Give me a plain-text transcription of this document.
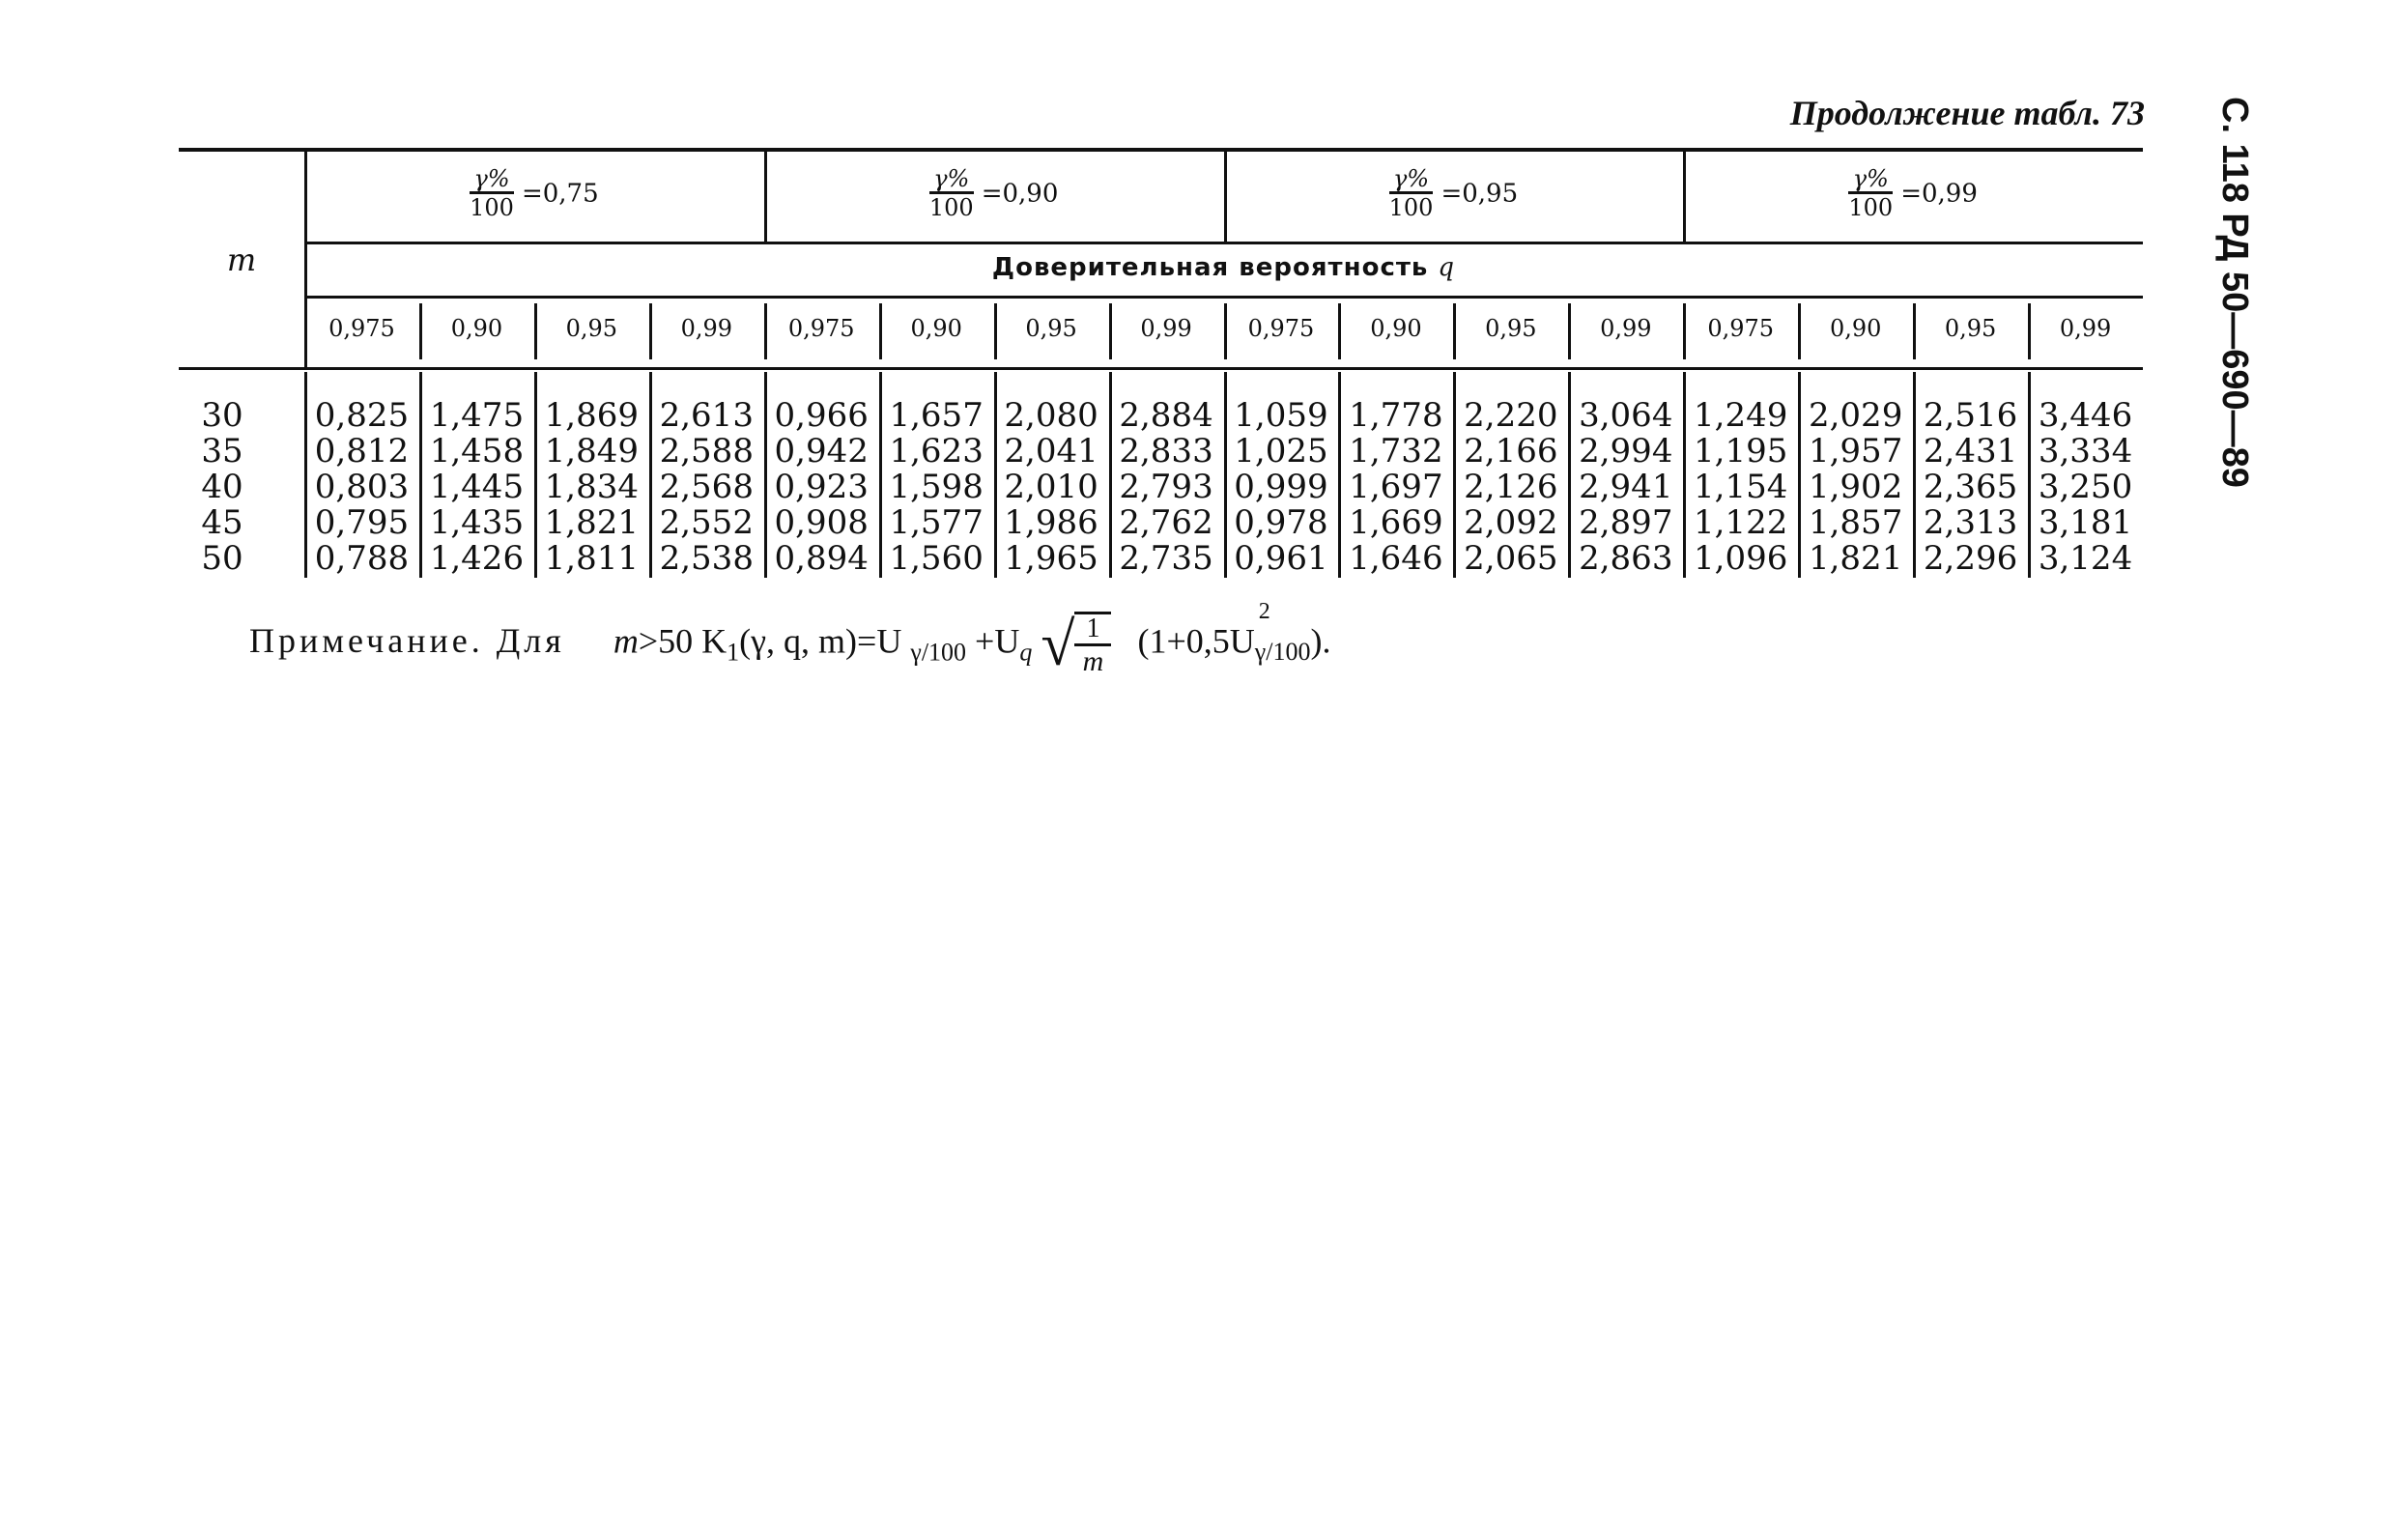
Продолжение табл. 73	С. 118 РД 50—690—89
m
$\frac{\gamma\%}{100} =0,75$	$\frac{\gamma\%}{100} =0,90$	$\frac{\gamma\%}{100} =0,95$	$\frac{\gamma\%}{100} =0,99$
Доверительная вероятность q
0,975	0,90	0,95	0,99	0,975	0,90	0,95	0,99	0,975	0,90	0,95	0,99	0,975	0,90	0,95	0,99
30	0,825 1,475 1,869 2,613 0,966 1,657 2,080 2,884 1,059 1,778 2,220 3,064 1,249 2,029 2,516 3,446
35	0,812 1,458 1,849 2,588 0,942 1,623 2,041 2,833 1,025 1,732 2,166 2,994 1,195 1,957 2,431 3,334
40	0,803 1,445 1,834 2,568 0,923 1,598 2,010 2,793 0,999 1,697 2,126 2,941 1,154 1,902 2,365 3,250
45	0,795 1,435 1,821 2,552 0,908 1,577 1,986 2,762 0,978 1,669 2,092 2,897 1,122 1,857 2,313 3,181
50	0,788 1,426 1,811 2,538 0,894 1,560 1,965 2,735 0,961 1,646 2,065 2,863 1,096 1,821 2,296 3,124
Примечание. Для m>50 $K_1(\gamma$, q, m)=U $_{\gamma/100} +U_q$ √ $\frac{1}{m} (1+0,5U$
2
$_{\gamma/100}$).
